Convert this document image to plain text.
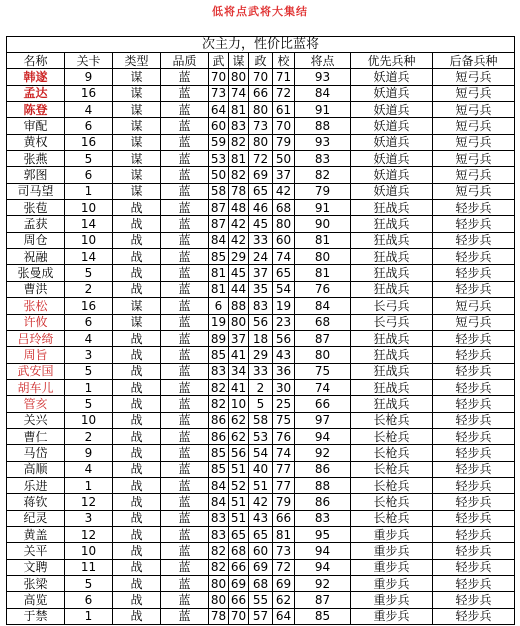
低将点武将大集结
次主力，性价比蓝将										
名称	关卡	类型	品质	武	谋	政	校	将点	优先兵种	后备兵种
韩遂	9	谋	蓝	70	80	70	71	93	妖道兵	短弓兵
孟达	16	谋	蓝	73	74	66	72	84	妖道兵	短弓兵
陈登	4	谋	蓝	64	81	80	61	91	妖道兵	短弓兵
审配	6	谋	蓝	60	83	73	70	88	妖道兵	短弓兵
黄权	16	谋	蓝	59	82	80	79	93	妖道兵	短弓兵
张燕	5	谋	蓝	53	81	72	50	83	妖道兵	短弓兵
郭图	6	谋	蓝	50	82	69	37	82	妖道兵	短弓兵
司马望	1	谋	蓝	58	78	65	42	79	妖道兵	短弓兵
张苞	10	战	蓝	87	48	46	68	91	狂战兵	轻步兵
孟获	14	战	蓝	87	42	45	80	90	狂战兵	轻步兵
周仓	10	战	蓝	84	42	33	60	81	狂战兵	轻步兵
祝融	14	战	蓝	85	29	24	74	80	狂战兵	轻步兵
张曼成	5	战	蓝	81	45	37	65	81	狂战兵	轻步兵
曹洪	2	战	蓝	81	44	35	54	76	狂战兵	轻步兵
张松	16	谋	蓝	6	88	83	19	84	长弓兵	短弓兵
许攸	6	谋	蓝	19	80	56	23	68	长弓兵	短弓兵
吕玲绮	4	战	蓝	89	37	18	56	87	狂战兵	轻步兵
周旨	3	战	蓝	85	41	29	43	80	狂战兵	轻步兵
武安国	5	战	蓝	83	34	33	36	75	狂战兵	轻步兵
胡车儿	1	战	蓝	82	41	2	30	74	狂战兵	轻步兵
管亥	5	战	蓝	82	10	5	25	66	狂战兵	轻步兵
关兴	10	战	蓝	86	62	58	75	97	长枪兵	轻步兵
曹仁	2	战	蓝	86	62	53	76	94	长枪兵	轻步兵
马岱	9	战	蓝	85	56	54	74	92	长枪兵	轻步兵
高顺	4	战	蓝	85	51	40	77	86	长枪兵	轻步兵
乐进	1	战	蓝	84	52	51	77	88	长枪兵	轻步兵
蒋钦	12	战	蓝	84	51	42	79	86	长枪兵	轻步兵
纪灵	3	战	蓝	83	51	43	66	83	长枪兵	轻步兵
黄盖	12	战	蓝	83	65	65	81	95	重步兵	轻步兵
关平	10	战	蓝	82	68	60	73	94	重步兵	轻步兵
文聘	11	战	蓝	82	66	69	72	94	重步兵	轻步兵
张梁	5	战	蓝	80	69	68	69	92	重步兵	轻步兵
高览	6	战	蓝	80	66	55	62	87	重步兵	轻步兵
于禁	1	战	蓝	78	70	57	64	85	重步兵	轻步兵
